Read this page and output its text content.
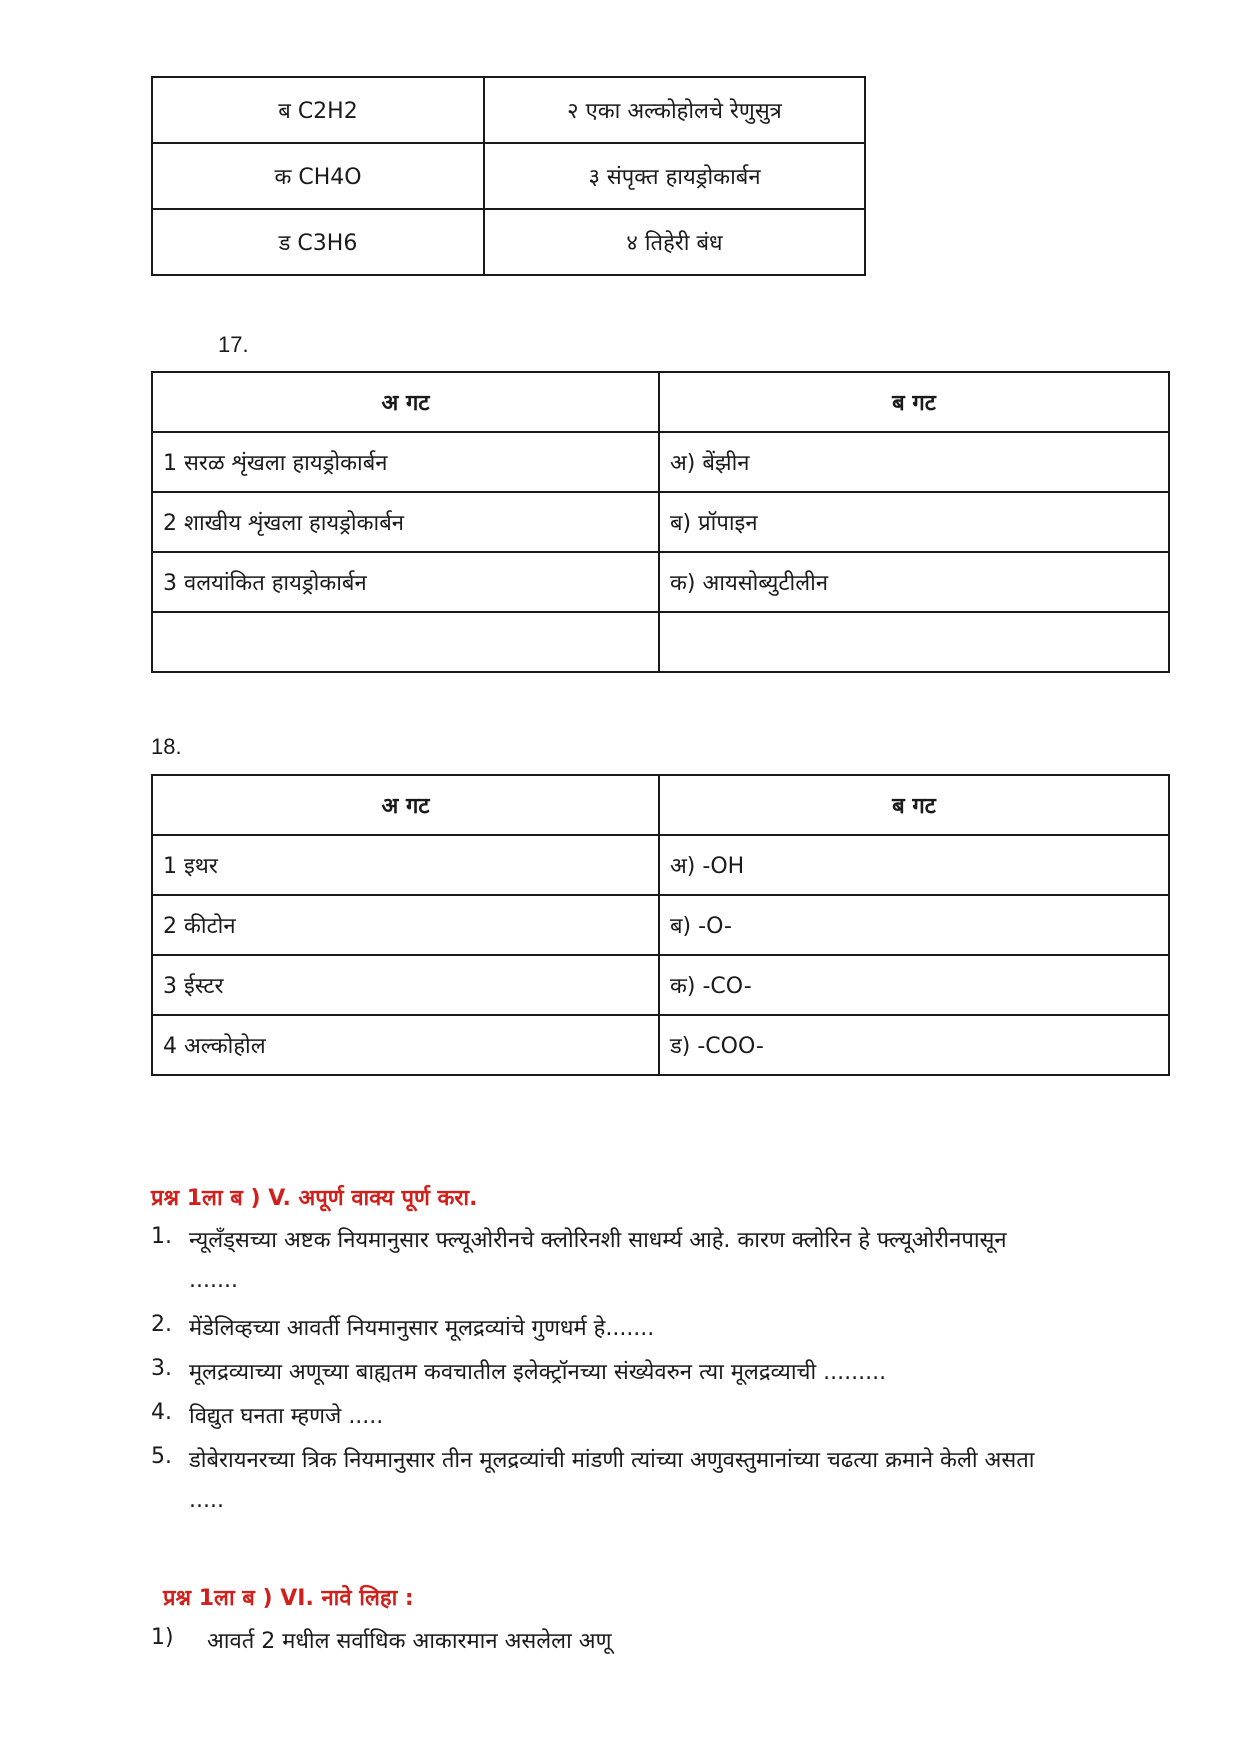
ब C2H2	२ एका अल्कोहोलचे रेणुसुत्र
क CH4O	३ संपृक्त हायड्रोकार्बन
ड C3H6	४ तिहेरी बंध
17.
अ गट	ब गट
1 सरळ शृंखला हायड्रोकार्बन	अ) बेंझीन
2 शाखीय शृंखला हायड्रोकार्बन	ब) प्रॉपाइन
3 वलयांकित हायड्रोकार्बन	क) आयसोब्युटीलीन

18.
अ गट	ब गट
1 इथर	अ) -OH
2 कीटोन	ब) -O-
3 ईस्टर	क) -CO-
4 अल्कोहोल	ड) -COO-
प्रश्न 1ला ब ) V. अपूर्ण वाक्य पूर्ण करा.
1. न्यूलँड्सच्या अष्टक नियमानुसार फ्ल्यूओरीनचे क्लोरिनशी साधर्म्य आहे. कारण क्लोरिन हे फ्ल्यूओरीनपासून
.......
2. मेंडेलिव्हच्या आवर्ती नियमानुसार मूलद्रव्यांचे गुणधर्म हे.......
3. मूलद्रव्याच्या अणूच्या बाह्यतम कवचातील इलेक्ट्रॉनच्या संख्येवरुन त्या मूलद्रव्याची .........
4. विद्युत घनता म्हणजे .....
5. डोबेरायनरच्या त्रिक नियमानुसार तीन मूलद्रव्यांची मांडणी त्यांच्या अणुवस्तुमानांच्या चढत्या क्रमाने केली असता
.....
प्रश्न 1ला ब ) VI. नावे लिहा :
1) आवर्त 2 मधील सर्वाधिक आकारमान असलेला अणू
